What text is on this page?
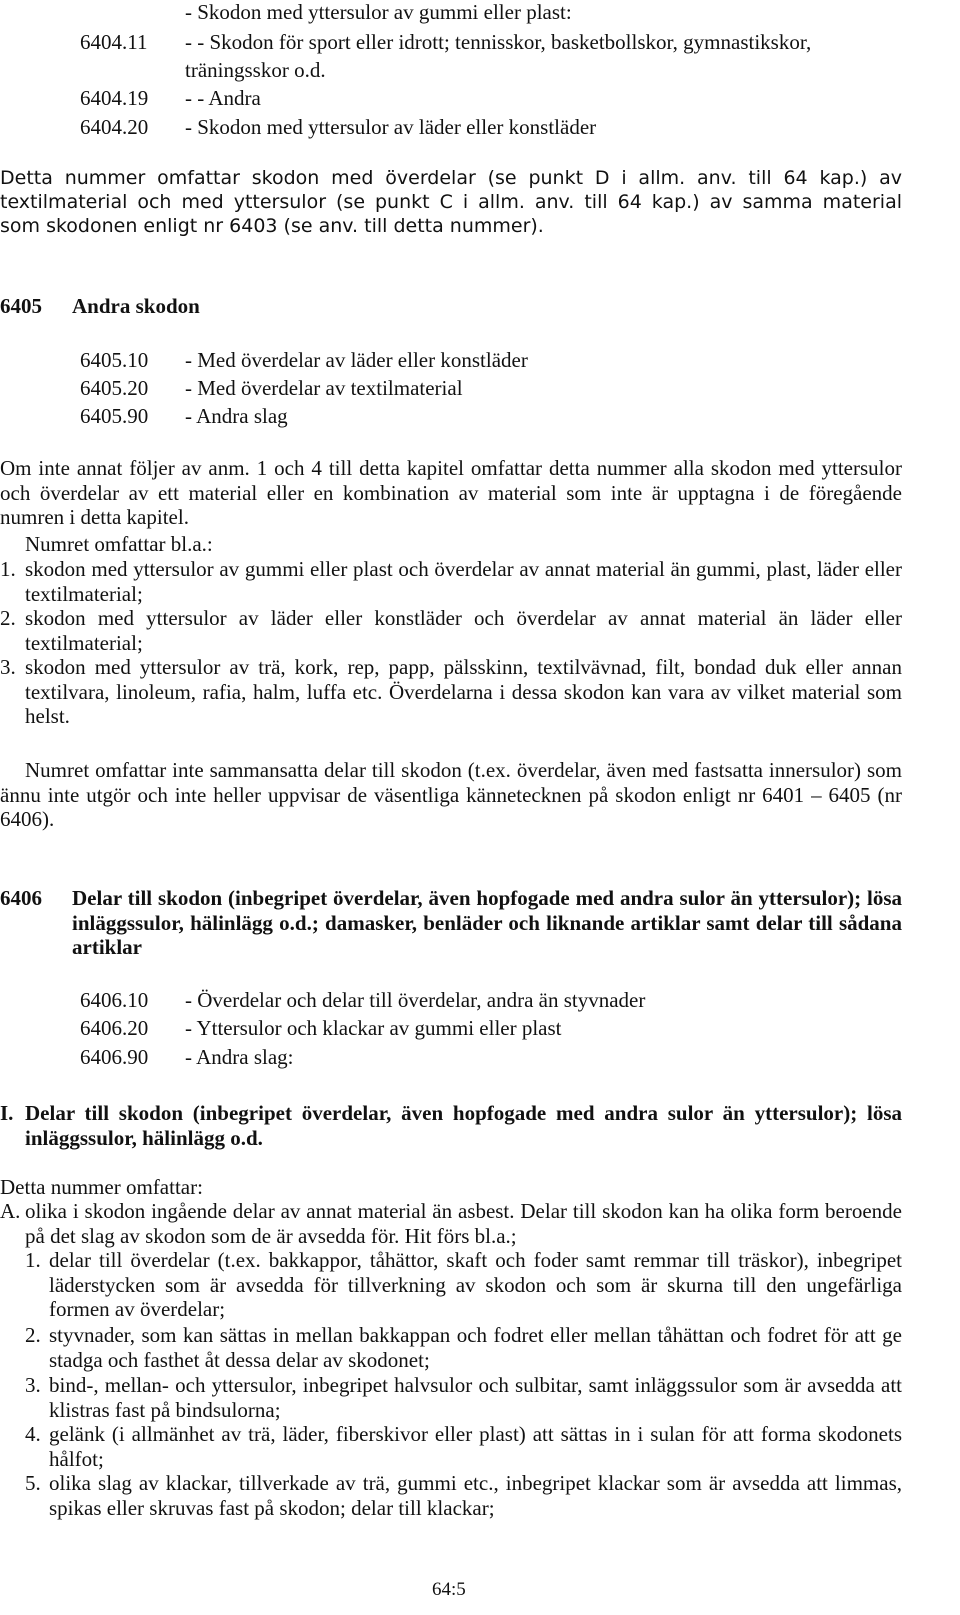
- Skodon med yttersulor av gummi eller plast:
6404.11 - - Skodon för sport eller idrott; tennisskor, basketbollskor, gymnastikskor,
träningsskor o.d.
6404.19 - - Andra
6404.20 - Skodon med yttersulor av läder eller konstläder
Detta nummer omfattar skodon med överdelar (se punkt D i allm. anv. till 64 kap.) av
textilmaterial och med yttersulor (se punkt C i allm. anv. till 64 kap.) av samma material
som skodonen enligt nr 6403 (se anv. till detta nummer).
6405 Andra skodon
6405.10 - Med överdelar av läder eller konstläder
6405.20 - Med överdelar av textilmaterial
6405.90 - Andra slag
Om inte annat följer av anm. 1 och 4 till detta kapitel omfattar detta nummer alla skodon med yttersulor och överdelar av ett material eller en kombination av material som inte är upptagna i de föregående numren i detta kapitel.
Numret omfattar bl.a.:
1. skodon med yttersulor av gummi eller plast och överdelar av annat material än gummi, plast, läder eller textilmaterial;
2. skodon med yttersulor av läder eller konstläder och överdelar av annat material än läder eller textilmaterial;
3. skodon med yttersulor av trä, kork, rep, papp, pälsskinn, textilvävnad, filt, bondad duk eller annan textilvara, linoleum, rafia, halm, luffa etc. Överdelarna i dessa skodon kan vara av vilket material som helst.
Numret omfattar inte sammansatta delar till skodon (t.ex. överdelar, även med fastsatta innersulor) som ännu inte utgör och inte heller uppvisar de väsentliga kännetecknen på skodon enligt nr 6401 – 6405 (nr 6406).
6406 Delar till skodon (inbegripet överdelar, även hopfogade med andra sulor än yttersulor); lösa inläggssulor, hälinlägg o.d.; damasker, benläder och liknande artiklar samt delar till sådana artiklar
6406.10 - Överdelar och delar till överdelar, andra än styvnader
6406.20 - Yttersulor och klackar av gummi eller plast
6406.90 - Andra slag:
I. Delar till skodon (inbegripet överdelar, även hopfogade med andra sulor än yttersulor); lösa inläggssulor, hälinlägg o.d.
Detta nummer omfattar:
A. olika i skodon ingående delar av annat material än asbest. Delar till skodon kan ha olika form beroende på det slag av skodon som de är avsedda för. Hit förs bl.a.;
1. delar till överdelar (t.ex. bakkappor, tåhättor, skaft och foder samt remmar till träskor), inbegripet läderstycken som är avsedda för tillverkning av skodon och som är skurna till den ungefärliga formen av överdelar;
2. styvnader, som kan sättas in mellan bakkappan och fodret eller mellan tåhättan och fodret för att ge stadga och fasthet åt dessa delar av skodonet;
3. bind-, mellan- och yttersulor, inbegripet halvsulor och sulbitar, samt inläggssulor som är avsedda att klistras fast på bindsulorna;
4. gelänk (i allmänhet av trä, läder, fiberskivor eller plast) att sättas in i sulan för att forma skodonets hålfot;
5. olika slag av klackar, tillverkade av trä, gummi etc., inbegripet klackar som är avsedda att limmas, spikas eller skruvas fast på skodon; delar till klackar;
64:5
